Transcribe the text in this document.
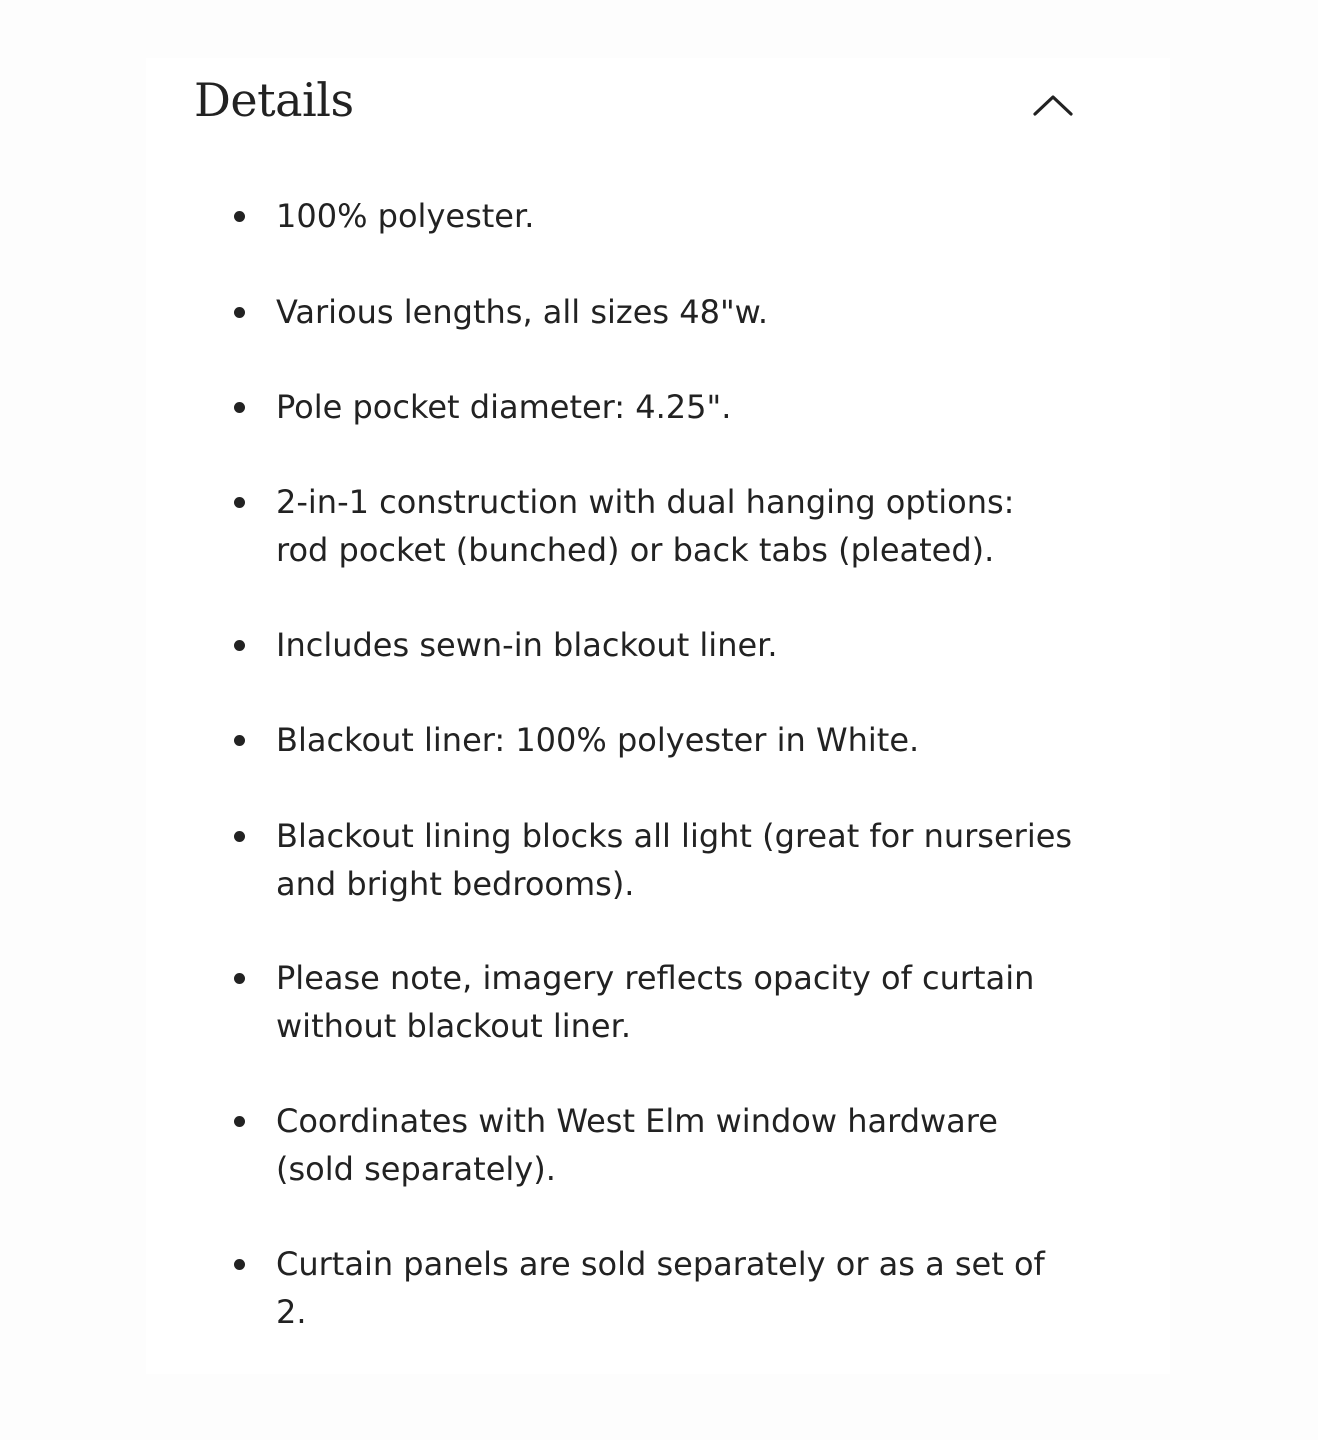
Details
100% polyester.
Various lengths, all sizes 48"w.
Pole pocket diameter: 4.25".
2-in-1 construction with dual hanging options: rod pocket (bunched) or back tabs (pleated).
Includes sewn-in blackout liner.
Blackout liner: 100% polyester in White.
Blackout lining blocks all light (great for nurseries and bright bedrooms).
Please note, imagery reflects opacity of curtain without blackout liner.
Coordinates with West Elm window hardware (sold separately).
Curtain panels are sold separately or as a set of 2.
